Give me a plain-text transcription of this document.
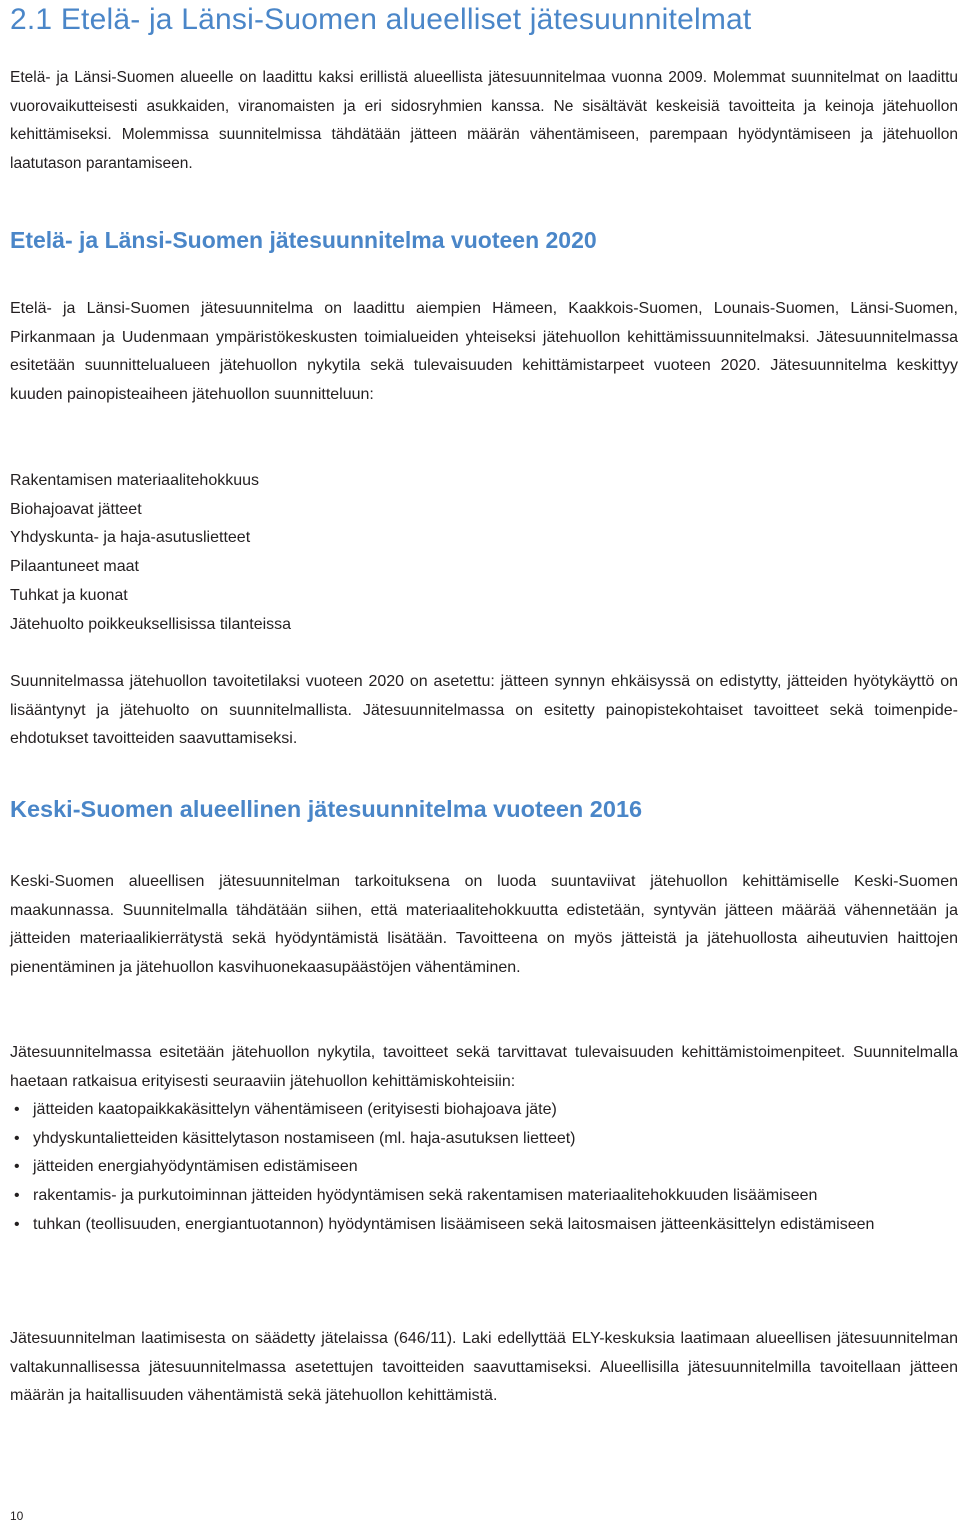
2.1 Etelä- ja Länsi-Suomen alueelliset jätesuunnitelmat

Etelä- ja Länsi-Suomen alueelle on laadittu kaksi erillistä alueellista jätesuunnitelmaa vuonna 2009. Molemmat suunnitelmat on laadittu vuorovaikutteisesti asukkaiden, viranomaisten ja eri sidosryhmien kanssa. Ne sisältävät keskeisiä tavoitteita ja keinoja jätehuollon kehittämiseksi. Molemmissa suunnitelmissa tähdätään jätteen määrän vähentämiseen, parempaan hyödyntämiseen ja jätehuollon laatutason parantamiseen.

Etelä- ja Länsi-Suomen jätesuunnitelma vuoteen 2020

Etelä- ja Länsi-Suomen jätesuunnitelma on laadittu aiempien Hämeen, Kaakkois-Suomen, Lounais-Suomen, Länsi-Suomen, Pirkanmaan ja Uudenmaan ympäristökeskusten toimialueiden yhteiseksi jätehuollon kehittämissuunnitelmaksi. Jätesuunnitelmassa esitetään suunnittelualueen jätehuollon nykytila sekä tulevaisuuden kehittämistarpeet vuoteen 2020. Jätesuunnitelma keskittyy kuuden painopisteaiheen jätehuollon suunnitteluun:

Rakentamisen materiaalitehokkuus
Biohajoavat jätteet
Yhdyskunta- ja haja-asutuslietteet
Pilaantuneet maat
Tuhkat ja kuonat
Jätehuolto poikkeuksellisissa tilanteissa

Suunnitelmassa jätehuollon tavoitetilaksi vuoteen 2020 on asetettu: jätteen synnyn ehkäisyssä on edistytty, jätteiden hyötykäyttö on lisääntynyt ja jätehuolto on suunnitelmallista. Jätesuunnitelmassa on esitetty painopistekohtaiset tavoitteet sekä toimenpide-ehdotukset tavoitteiden saavuttamiseksi.

Keski-Suomen alueellinen jätesuunnitelma vuoteen 2016

Keski-Suomen alueellisen jätesuunnitelman tarkoituksena on luoda suuntaviivat jätehuollon kehittämiselle Keski-Suomen maakunnassa. Suunnitelmalla tähdätään siihen, että materiaalitehokkuutta edistetään, syntyvän jätteen määrää vähennetään ja jätteiden materiaalikierrätystä sekä hyödyntämistä lisätään. Tavoitteena on myös jätteistä ja jätehuollosta aiheutuvien haittojen pienentäminen ja jätehuollon kasvihuonekaasupäästöjen vähentäminen.

Jätesuunnitelmassa esitetään jätehuollon nykytila, tavoitteet sekä tarvittavat tulevaisuuden kehittämistoimenpiteet. Suunnitelmalla haetaan ratkaisua erityisesti seuraaviin jätehuollon kehittämiskohteisiin:

• jätteiden kaatopaikkakäsittelyn vähentämiseen (erityisesti biohajoava jäte)
• yhdyskuntalietteiden käsittelytason nostamiseen (ml. haja-asutuksen lietteet)
• jätteiden energiahyödyntämisen edistämiseen
• rakentamis- ja purkutoiminnan jätteiden hyödyntämisen sekä rakentamisen materiaalitehokkuuden lisäämiseen
• tuhkan (teollisuuden, energiantuotannon) hyödyntämisen lisäämiseen sekä laitosmaisen jätteenkäsittelyn edistämiseen

Jätesuunnitelman laatimisesta on säädetty jätelaissa (646/11). Laki edellyttää ELY-keskuksia laatimaan alueellisen jätesuunnitelman valtakunnallisessa jätesuunnitelmassa asetettujen tavoitteiden saavuttamiseksi. Alueellisilla jätesuunnitelmilla tavoitellaan jätteen määrän ja haitallisuuden vähentämistä sekä jätehuollon kehittämistä.

10
